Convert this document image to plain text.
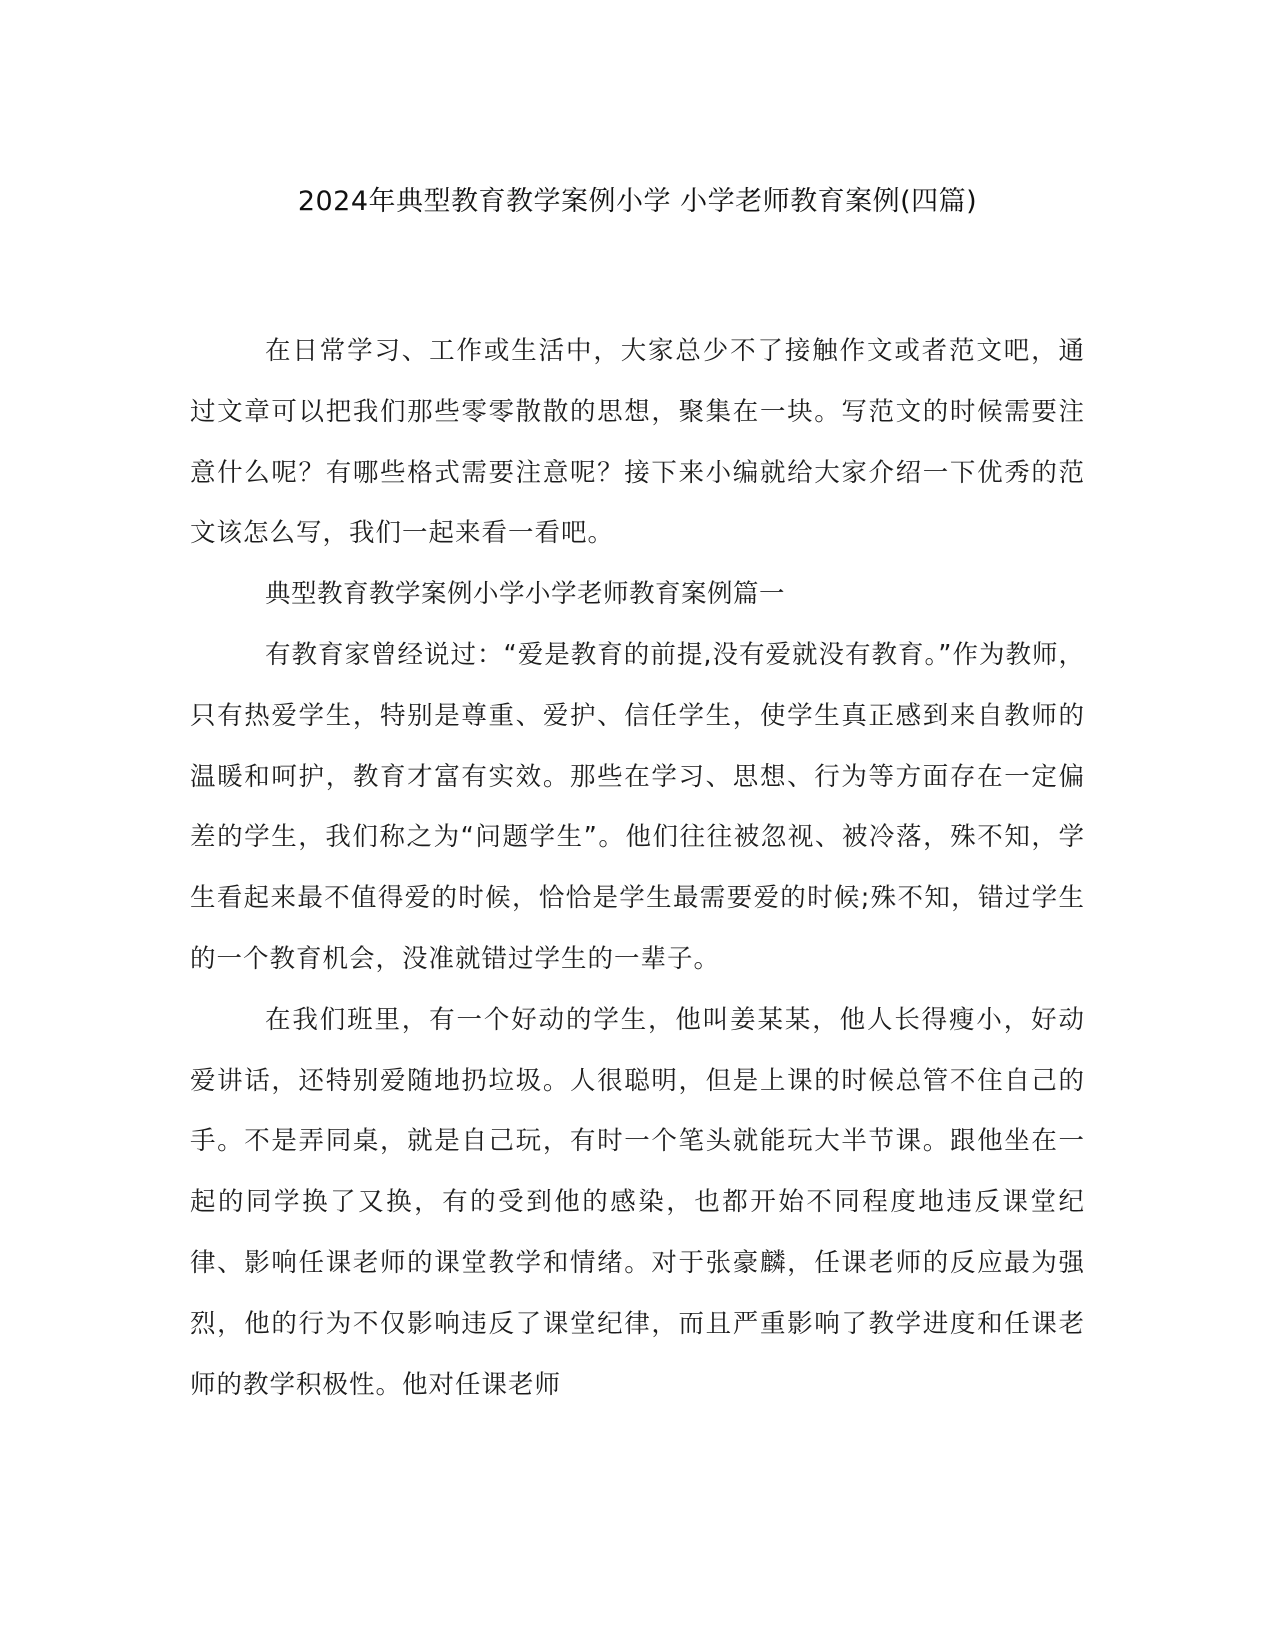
2024年典型教育教学案例小学 小学老师教育案例(四篇)

在日常学习、工作或生活中，大家总少不了接触作文或者范文吧，通过文章可以把我们那些零零散散的思想，聚集在一块。写范文的时候需要注意什么呢？有哪些格式需要注意呢？接下来小编就给大家介绍一下优秀的范文该怎么写，我们一起来看一看吧。

典型教育教学案例小学小学老师教育案例篇一

有教育家曾经说过：“爱是教育的前提,没有爱就没有教育。”作为教师，只有热爱学生，特别是尊重、爱护、信任学生，使学生真正感到来自教师的温暖和呵护，教育才富有实效。那些在学习、思想、行为等方面存在一定偏差的学生，我们称之为“问题学生”。他们往往被忽视、被冷落，殊不知，学生看起来最不值得爱的时候，恰恰是学生最需要爱的时候;殊不知，错过学生的一个教育机会，没准就错过学生的一辈子。

在我们班里，有一个好动的学生，他叫姜某某，他人长得瘦小，好动爱讲话，还特别爱随地扔垃圾。人很聪明，但是上课的时候总管不住自己的手。不是弄同桌，就是自己玩，有时一个笔头就能玩大半节课。跟他坐在一起的同学换了又换，有的受到他的感染，也都开始不同程度地违反课堂纪律、影响任课老师的课堂教学和情绪。对于张豪麟，任课老师的反应最为强烈，他的行为不仅影响违反了课堂纪律，而且严重影响了教学进度和任课老师的教学积极性。他对任课老师
